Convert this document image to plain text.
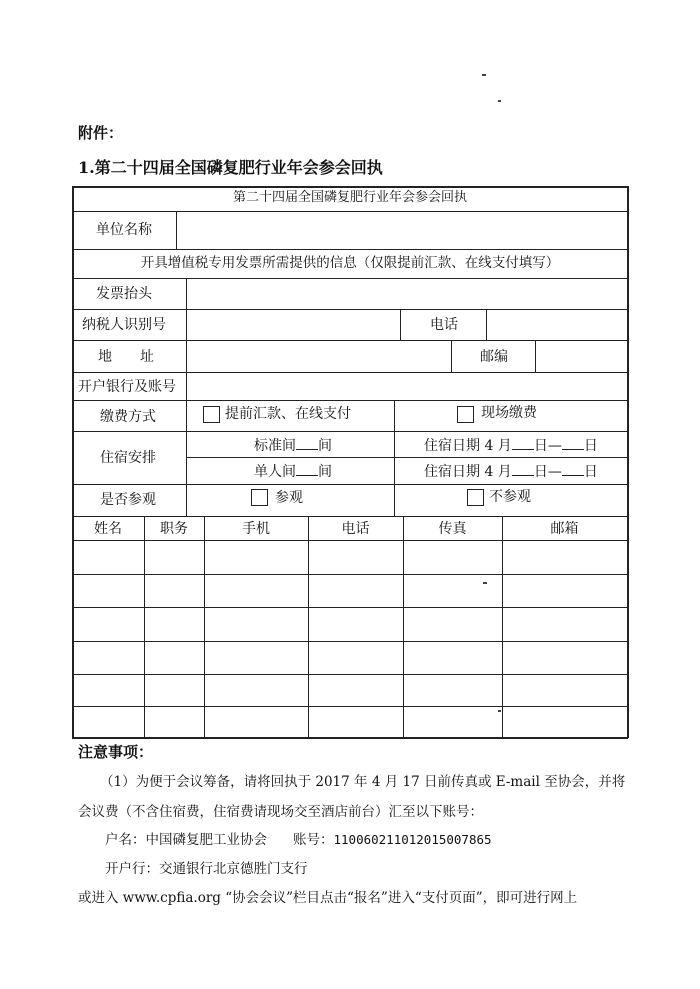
附件：
1.第二十四届全国磷复肥行业年会参会回执
第二十四届全国磷复肥行业年会参会回执
单位名称
开具增值税专用发票所需提供的信息（仅限提前汇款、在线支付填写）
发票抬头
纳税人识别号	电话
地　　址	邮编
开户银行及账号
缴费方式	提前汇款、在线支付	现场缴费
住宿安排
标准间 间	住宿日期 4 月 日— 日
单人间 间	住宿日期 4 月 日— 日
是否参观	参观	不参观
姓名	职务	手机	电话	传真	邮箱
注意事项：
（1）为便于会议筹备，请将回执于 2017 年 4 月 17 日前传真或 E-mail 至协会，并将
会议费（不含住宿费，住宿费请现场交至酒店前台）汇至以下账号：
户名：中国磷复肥工业协会 账号：110060211012015007865
开户行：交通银行北京德胜门支行
或进入 www.cpfia.org “协会会议”栏目点击“报名”进入“支付页面”，即可进行网上
